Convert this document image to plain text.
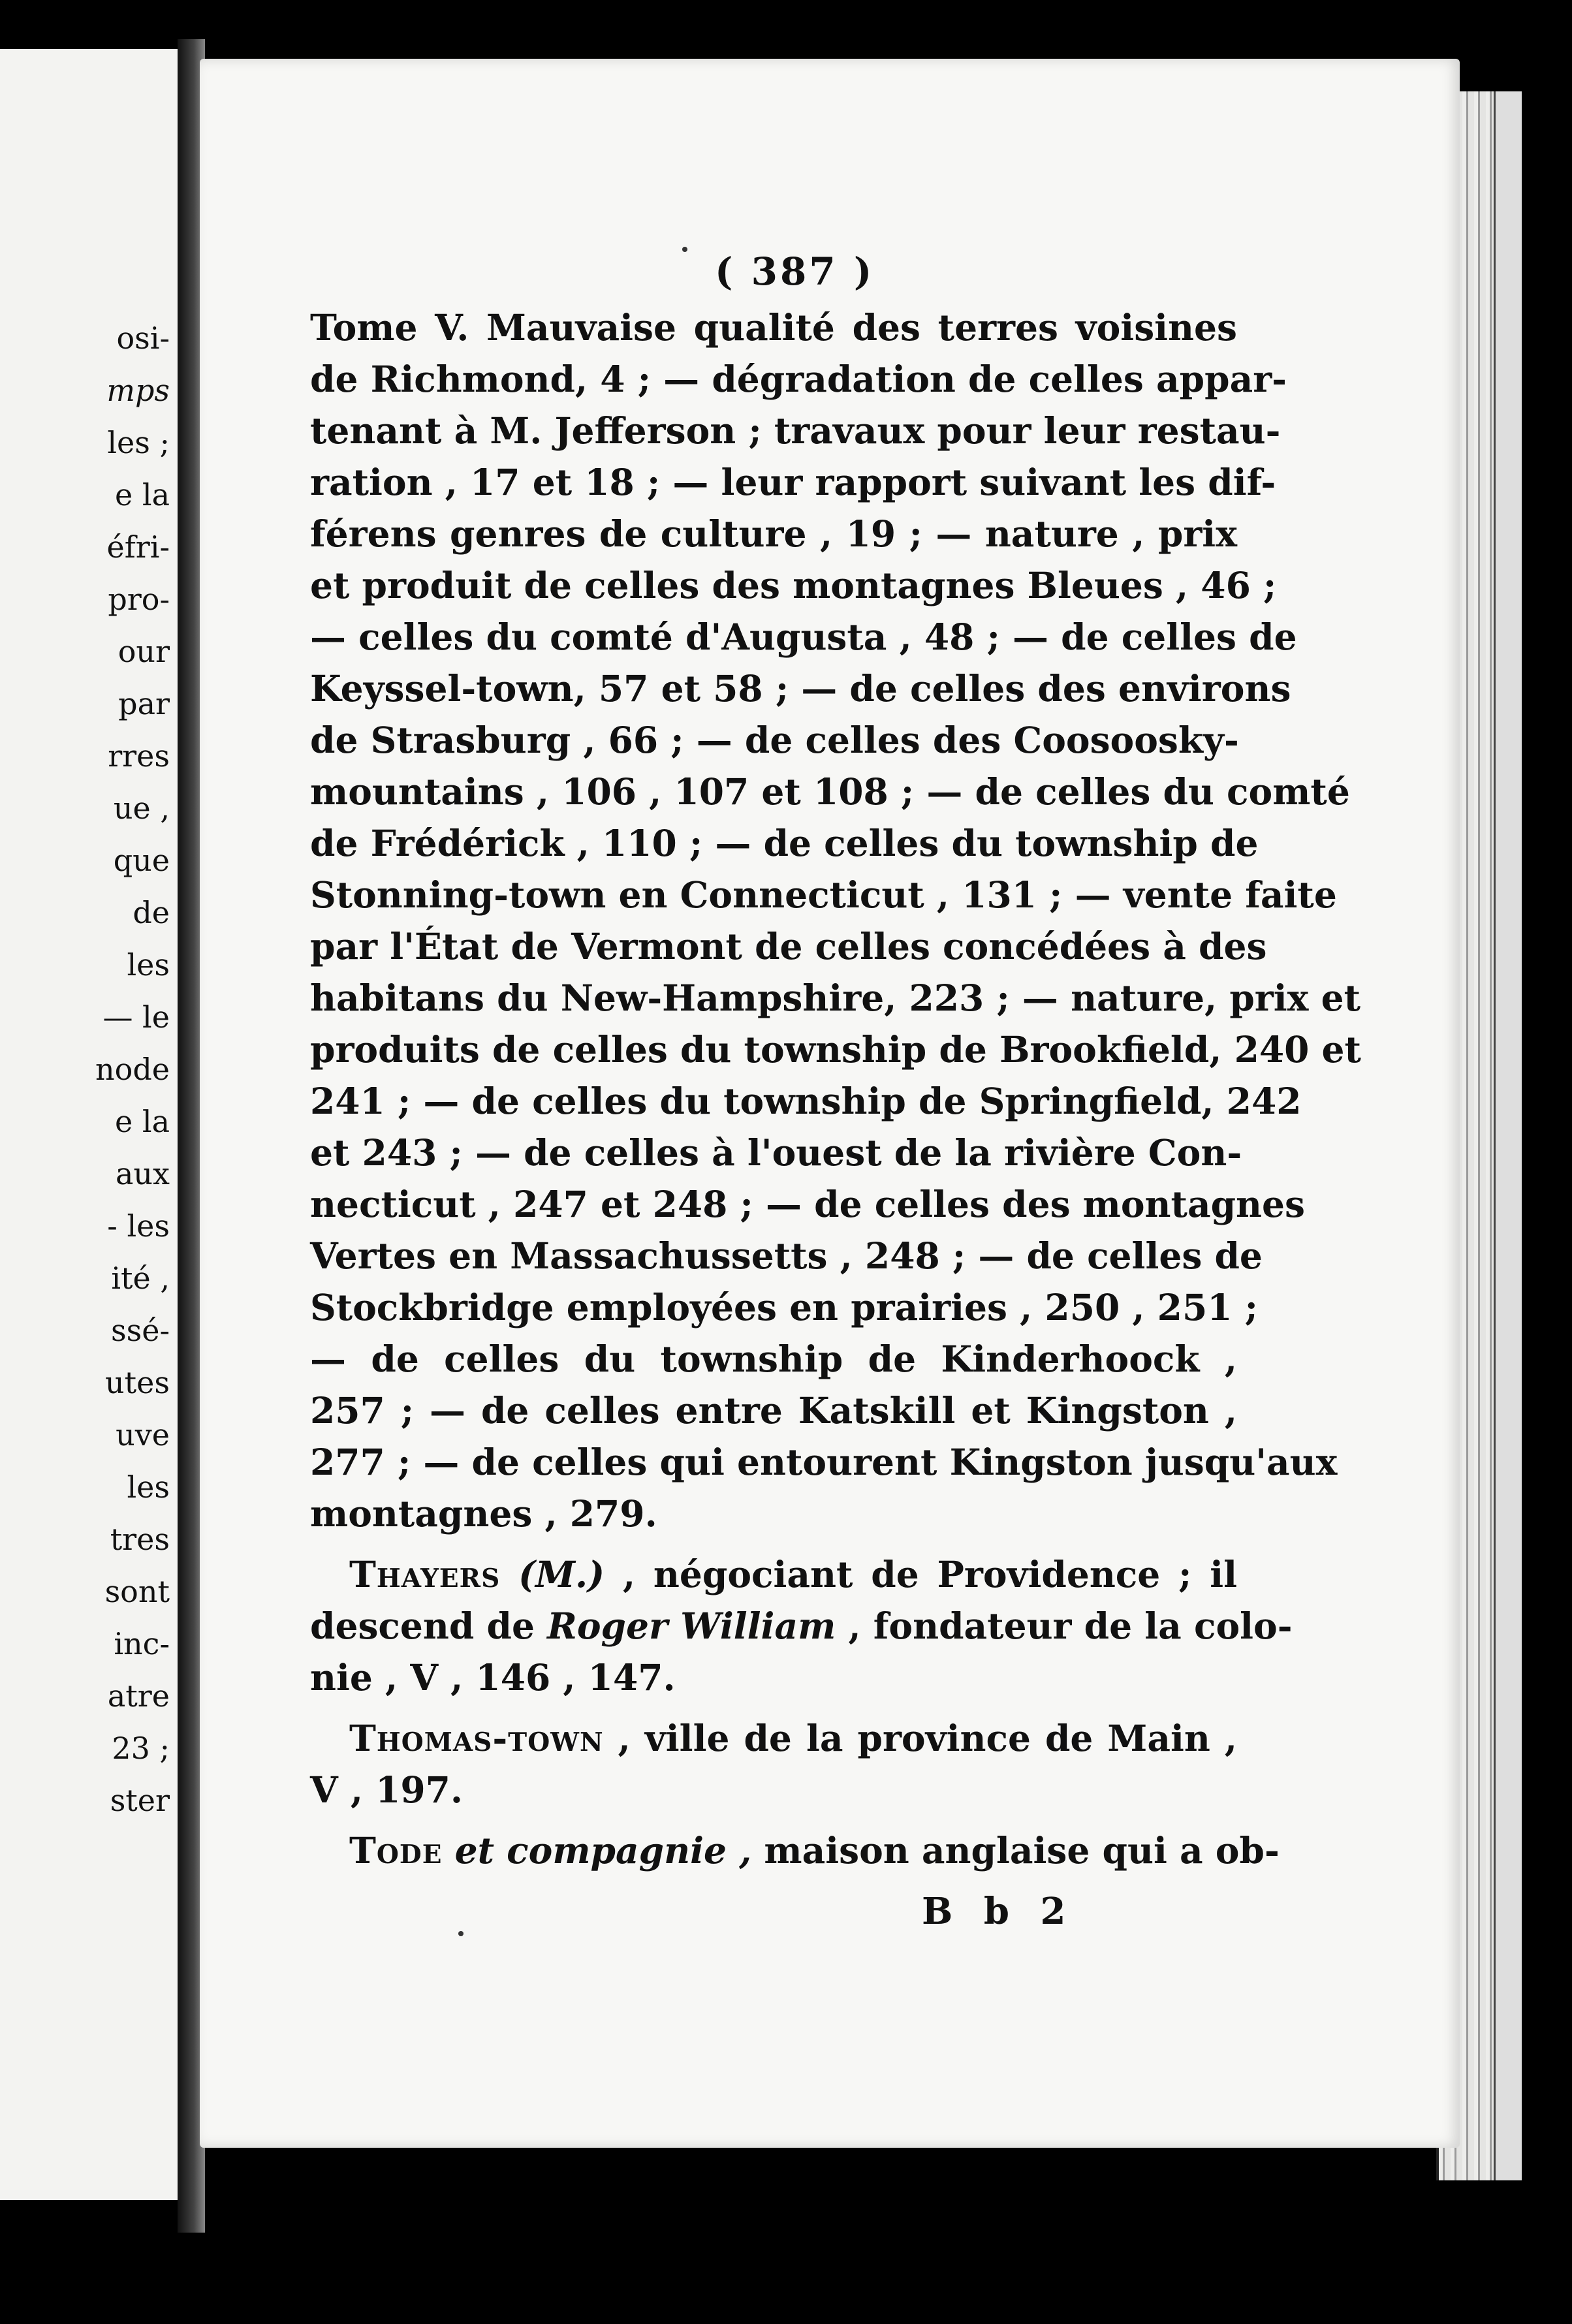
osi-
mps
les ;
e la
éfri-
pro-
our
par
rres
ue ,
que
de
les
— le
node
e la
aux
- les
ité ,
ssé-
utes
uve
les
tres
sont
inc-
atre
23 ;
ster
( 387 )
Tome V. Mauvaise qualité des terres voisines
de Richmond, 4 ; — dégradation de celles appar-
tenant à M. Jefferson ; travaux pour leur restau-
ration , 17 et 18 ; — leur rapport suivant les dif-
férens genres de culture , 19 ; — nature , prix
et produit de celles des montagnes Bleues , 46 ;
— celles du comté d'Augusta , 48 ; — de celles de
Keyssel-town, 57 et 58 ; — de celles des environs
de Strasburg , 66 ; — de celles des Coosoosky-
mountains , 106 , 107 et 108 ; — de celles du comté
de Frédérick , 110 ; — de celles du township de
Stonning-town en Connecticut , 131 ; — vente faite
par l'État de Vermont de celles concédées à des
habitans du New-Hampshire, 223 ; — nature, prix et
produits de celles du township de Brookfield, 240 et
241 ; — de celles du township de Springfield, 242
et 243 ; — de celles à l'ouest de la rivière Con-
necticut , 247 et 248 ; — de celles des montagnes
Vertes en Massachussetts , 248 ; — de celles de
Stockbridge employées en prairies , 250 , 251 ;
— de celles du township de Kinderhoock ,
257 ; — de celles entre Katskill et Kingston ,
277 ; — de celles qui entourent Kingston jusqu'aux
montagnes , 279.
Thayers (M.) , négociant de Providence ; il
descend de Roger William , fondateur de la colo-
nie , V , 146 , 147.
Thomas-town , ville de la province de Main ,
V , 197.
Tode et compagnie , maison anglaise qui a ob-
B b 2
